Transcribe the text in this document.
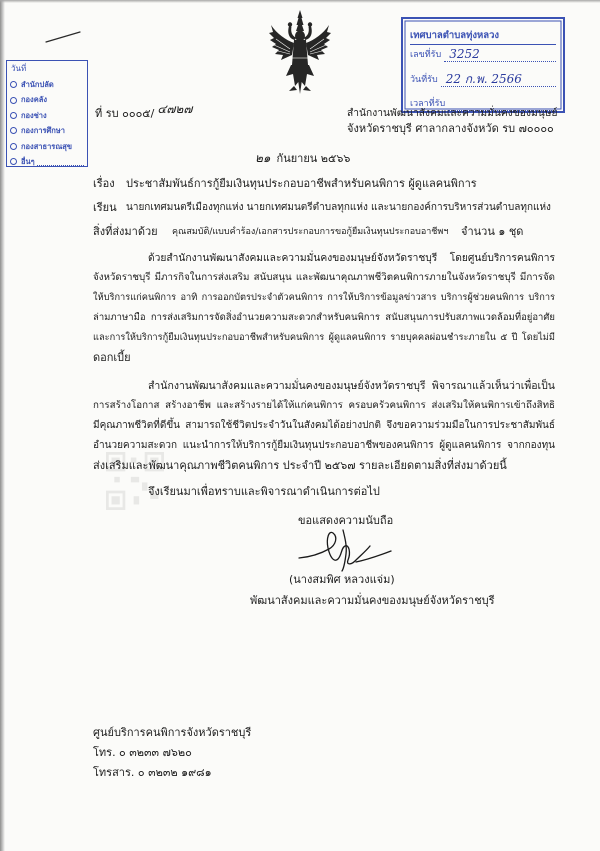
วันที่
สำนักปลัด
กองคลัง
กองช่าง
กองการศึกษา
กองสาธารณสุข
อื่นๆ
เทศบาลตำบลทุ่งหลวง
เลขที่รับ 3252
วันที่รับ 22 ก.พ. 2566
เวลาที่รับ
ที่ รบ ๐๐๐๕/ ๔๗๒๗	สำนักงานพัฒนาสังคมและความมั่นคงของมนุษย์
จังหวัดราชบุรี ศาลากลางจังหวัด รบ ๗๐๐๐๐
๒๑ กันยายน ๒๕๖๖
เรื่อง	ประชาสัมพันธ์การกู้ยืมเงินทุนประกอบอาชีพสำหรับคนพิการ ผู้ดูแลคนพิการ
เรียน นายกเทศมนตรีเมืองทุกแห่ง นายกเทศมนตรีตำบลทุกแห่ง และนายกองค์การบริหารส่วนตำบลทุกแห่ง
สิ่งที่ส่งมาด้วย	คุณสมบัติ/แบบคำร้อง/เอกสารประกอบการขอกู้ยืมเงินทุนประกอบอาชีพฯ	จำนวน ๑ ชุด
ด้วยสำนักงานพัฒนาสังคมและความมั่นคงของมนุษย์จังหวัดราชบุรี โดยศูนย์บริการคนพิการ
จังหวัดราชบุรี มีภารกิจในการส่งเสริม สนับสนุน และพัฒนาคุณภาพชีวิตคนพิการภายในจังหวัดราชบุรี มีการจัด
ให้บริการแก่คนพิการ อาทิ การออกบัตรประจำตัวคนพิการ การให้บริการข้อมูลข่าวสาร บริการผู้ช่วยคนพิการ บริการ
ล่ามภาษามือ การส่งเสริมการจัดสิ่งอำนวยความสะดวกสำหรับคนพิการ สนับสนุนการปรับสภาพแวดล้อมที่อยู่อาศัย
และการให้บริการกู้ยืมเงินทุนประกอบอาชีพสำหรับคนพิการ ผู้ดูแลคนพิการ รายบุคคลผ่อนชำระภายใน ๕ ปี โดยไม่มี
ดอกเบี้ย
สำนักงานพัฒนาสังคมและความมั่นคงของมนุษย์จังหวัดราชบุรี พิจารณาแล้วเห็นว่าเพื่อเป็น
การสร้างโอกาส สร้างอาชีพ และสร้างรายได้ให้แก่คนพิการ ครอบครัวคนพิการ ส่งเสริมให้คนพิการเข้าถึงสิทธิ
มีคุณภาพชีวิตที่ดีขึ้น สามารถใช้ชีวิตประจำวันในสังคมได้อย่างปกติ จึงขอความร่วมมือในการประชาสัมพันธ์
อำนวยความสะดวก แนะนำการให้บริการกู้ยืมเงินทุนประกอบอาชีพของคนพิการ ผู้ดูแลคนพิการ จากกองทุน
ส่งเสริมและพัฒนาคุณภาพชีวิตคนพิการ ประจำปี ๒๕๖๗ รายละเอียดตามสิ่งที่ส่งมาด้วยนี้
จึงเรียนมาเพื่อทราบและพิจารณาดำเนินการต่อไป
ขอแสดงความนับถือ
(นางสมพิศ หลวงแจ่ม)
พัฒนาสังคมและความมั่นคงของมนุษย์จังหวัดราชบุรี
ศูนย์บริการคนพิการจังหวัดราชบุรี
โทร. ๐ ๓๒๓๓ ๗๖๒๐
โทรสาร. ๐ ๓๒๓๒ ๑๙๘๑
